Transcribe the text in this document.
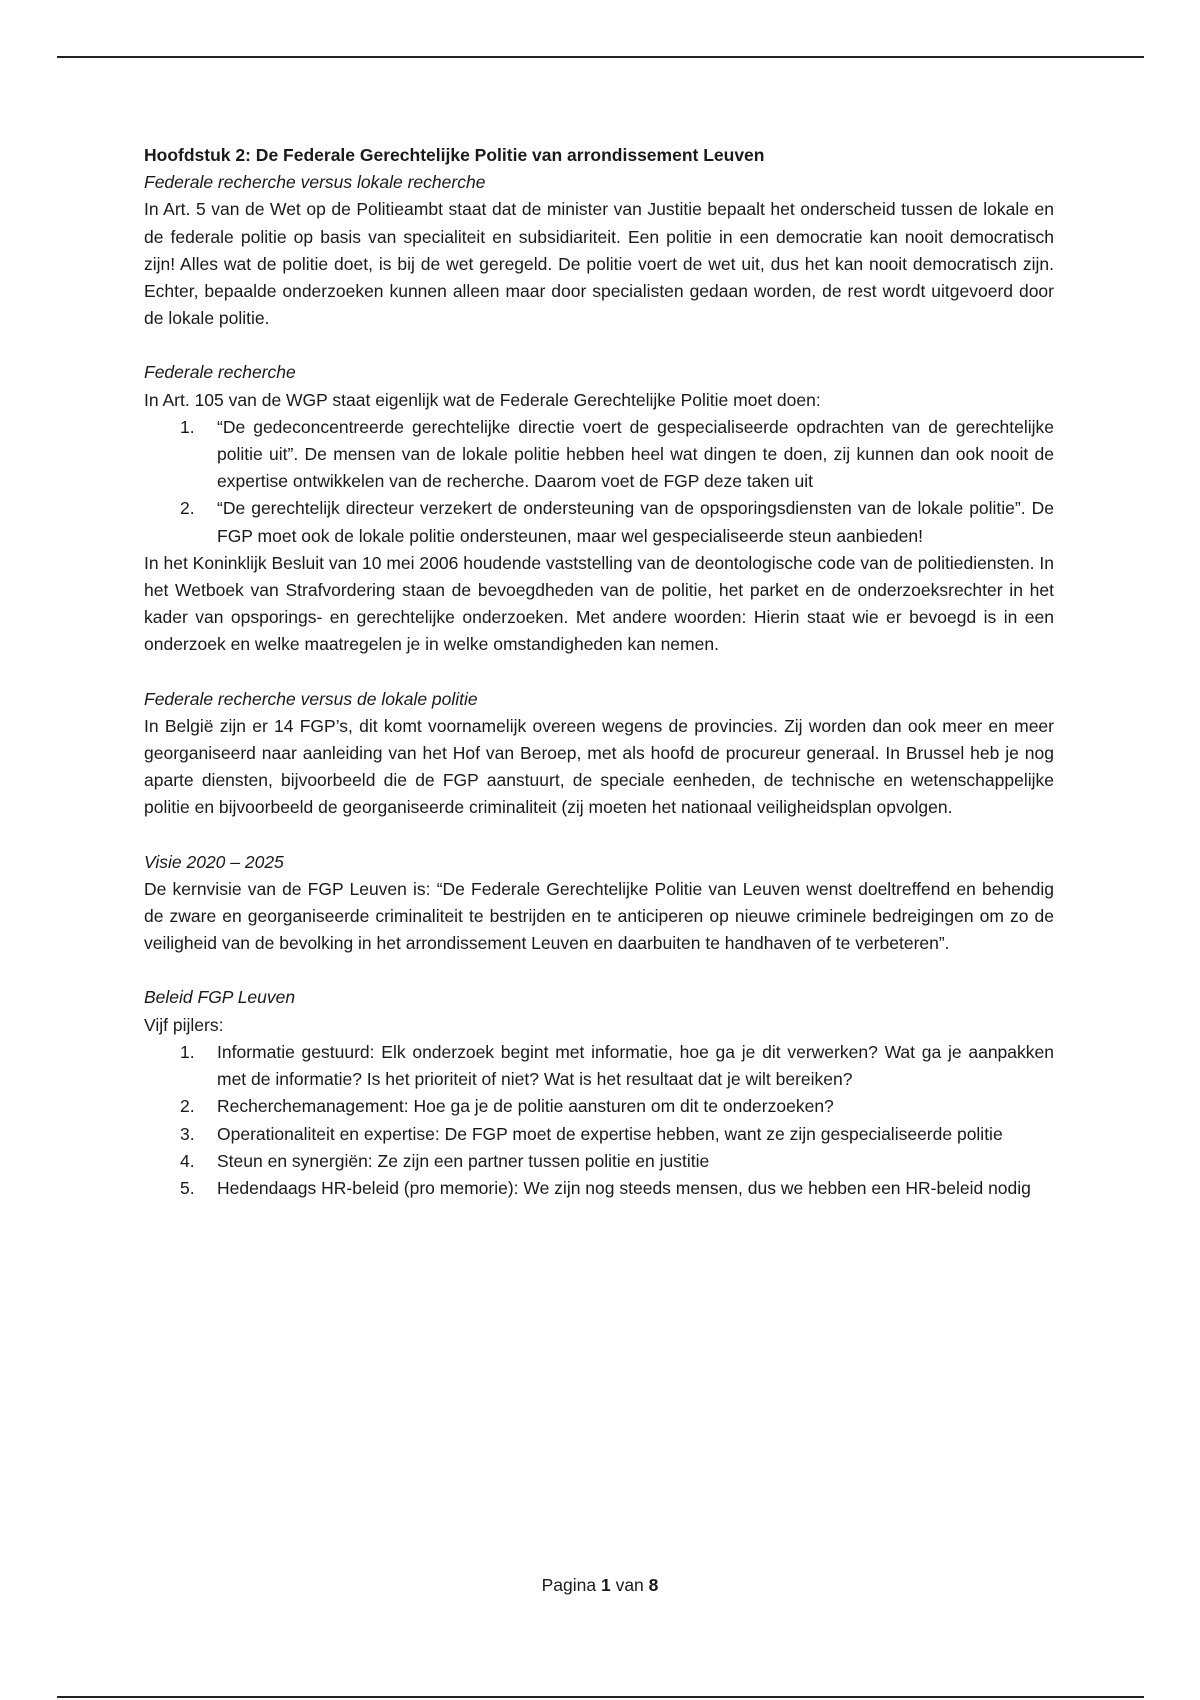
Hoofdstuk 2: De Federale Gerechtelijke Politie van arrondissement Leuven

Federale recherche versus lokale recherche

In Art. 5 van de Wet op de Politieambt staat dat de minister van Justitie bepaalt het onderscheid tussen de lokale en de federale politie op basis van specialiteit en subsidiariteit. Een politie in een democratie kan nooit democratisch zijn! Alles wat de politie doet, is bij de wet geregeld. De politie voert de wet uit, dus het kan nooit democratisch zijn. Echter, bepaalde onderzoeken kunnen alleen maar door specialisten gedaan worden, de rest wordt uitgevoerd door de lokale politie.

Federale recherche

In Art. 105 van de WGP staat eigenlijk wat de Federale Gerechtelijke Politie moet doen:

1. “De gedeconcentreerde gerechtelijke directie voert de gespecialiseerde opdrachten van de gerechtelijke politie uit”. De mensen van de lokale politie hebben heel wat dingen te doen, zij kunnen dan ook nooit de expertise ontwikkelen van de recherche. Daarom voet de FGP deze taken uit
2. “De gerechtelijk directeur verzekert de ondersteuning van de opsporingsdiensten van de lokale politie”. De FGP moet ook de lokale politie ondersteunen, maar wel gespecialiseerde steun aanbieden!

In het Koninklijk Besluit van 10 mei 2006 houdende vaststelling van de deontologische code van de politiediensten. In het Wetboek van Strafvordering staan de bevoegdheden van de politie, het parket en de onderzoeksrechter in het kader van opsporings- en gerechtelijke onderzoeken. Met andere woorden: Hierin staat wie er bevoegd is in een onderzoek en welke maatregelen je in welke omstandigheden kan nemen.

Federale recherche versus de lokale politie

In België zijn er 14 FGP’s, dit komt voornamelijk overeen wegens de provincies. Zij worden dan ook meer en meer georganiseerd naar aanleiding van het Hof van Beroep, met als hoofd de procureur generaal. In Brussel heb je nog aparte diensten, bijvoorbeeld die de FGP aanstuurt, de speciale eenheden, de technische en wetenschappelijke politie en bijvoorbeeld de georganiseerde criminaliteit (zij moeten het nationaal veiligheidsplan opvolgen.

Visie 2020 – 2025

De kernvisie van de FGP Leuven is: “De Federale Gerechtelijke Politie van Leuven wenst doeltreffend en behendig de zware en georganiseerde criminaliteit te bestrijden en te anticiperen op nieuwe criminele bedreigingen om zo de veiligheid van de bevolking in het arrondissement Leuven en daarbuiten te handhaven of te verbeteren”.

Beleid FGP Leuven

Vijf pijlers:

1. Informatie gestuurd: Elk onderzoek begint met informatie, hoe ga je dit verwerken? Wat ga je aanpakken met de informatie? Is het prioriteit of niet? Wat is het resultaat dat je wilt bereiken?
2. Recherchemanagement: Hoe ga je de politie aansturen om dit te onderzoeken?
3. Operationaliteit en expertise: De FGP moet de expertise hebben, want ze zijn gespecialiseerde politie
4. Steun en synergiën: Ze zijn een partner tussen politie en justitie
5. Hedendaags HR-beleid (pro memorie): We zijn nog steeds mensen, dus we hebben een HR-beleid nodig
Pagina 1 van 8
